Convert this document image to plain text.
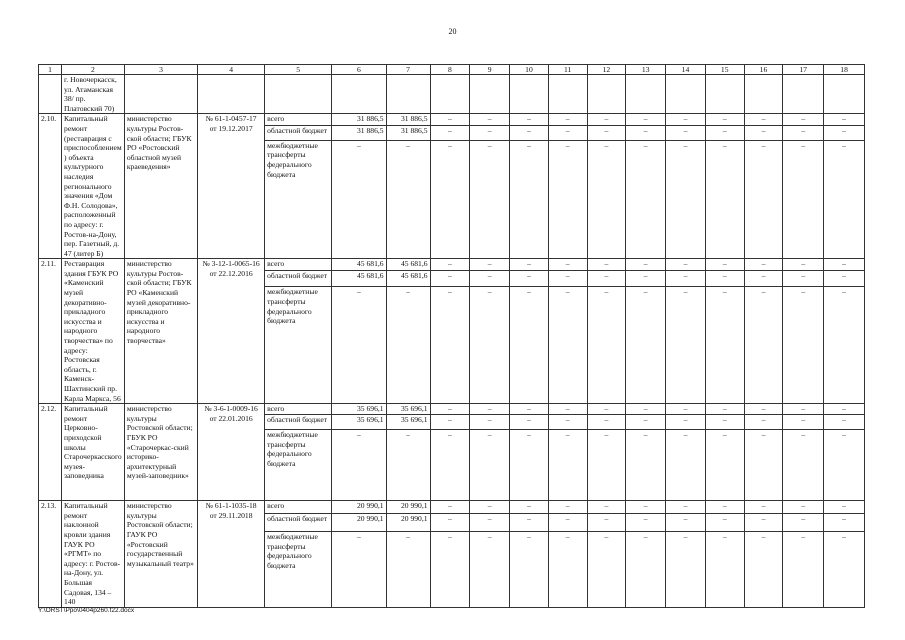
20
1	2	3	4	5	6	7	8	9	10	11	12	13	14	15	16	17	18
	г. Новочеркасск, ул. Атаманская 38/ пр. Платовский 70)																
2.10.	Капитальный ремонт (реставрация с приспособлением) объекта культурного наследия регионального значения «Дом Ф.Н. Солодова», расположенный по адресу: г. Ростов-на-Дону, пер. Газетный, д. 47 (литер Б)	министерство культуры Ростов-ской области; ГБУК РО «Ростовский областной музей краеведения»	№ 61-1-0457-17
от 19.12.2017	всего	31 886,5	31 886,5	–	–	–	–	–	–	–	–	–	–	–
				областной бюджет	31 886,5	31 886,5	–	–	–	–	–	–	–	–	–	–	–
				межбюджетные трансферты федерального бюджета	–	–	–	–	–	–	–	–	–	–	–	–	–
2.11.	Реставрация здания ГБУК РО «Каменский музей декоративно-прикладного искусства и народного творчества» по адресу: Ростовская область, г. Каменск-Шахтинский пр. Карла Маркса, 56	министерство культуры Ростов-ской области; ГБУК РО «Каменский музей декоративно-прикладного искусства и народного творчества»	№ 3-12-1-0065-16
от 22.12.2016	всего	45 681,6	45 681,6	–	–	–	–	–	–	–	–	–	–	–
				областной бюджет	45 681,6	45 681,6	–	–	–	–	–	–	–	–	–	–	–
				межбюджетные трансферты федерального бюджета	–	–	–	–	–	–	–	–	–	–	–	–	–
2.12.	Капитальный ремонт Церковно-приходской школы Старочеркасского музея-заповедника	министерство культуры Ростовской области; ГБУК РО «Старочеркас-ский историко-архитектурный музей-заповедник»	№ 3-6-1-0009-16
от 22.01.2016	всего	35 696,1	35 696,1	–	–	–	–	–	–	–	–	–	–	–
				областной бюджет	35 696,1	35 696,1	–	–	–	–	–	–	–	–	–	–	–
				межбюджетные трансферты федерального бюджета	–	–	–	–	–	–	–	–	–	–	–	–	–
2.13.	Капитальный ремонт наклонной кровли здания ГАУК РО «РГМТ» по адресу: г. Ростов-на-Дону, ул. Большая Садовая, 134 – 140	министерство культуры Ростовской области; ГАУК РО «Ростовский государственный музыкальный театр»	№ 61-1-1035-18
от 29.11.2018	всего	20 990,1	20 990,1	–	–	–	–	–	–	–	–	–	–	–
				областной бюджет	20 990,1	20 990,1	–	–	–	–	–	–	–	–	–	–	–
				межбюджетные трансферты федерального бюджета	–	–	–	–	–	–	–	–	–	–	–	–	–
Y:\ORST\Ppo\0404p260.f22.docx
